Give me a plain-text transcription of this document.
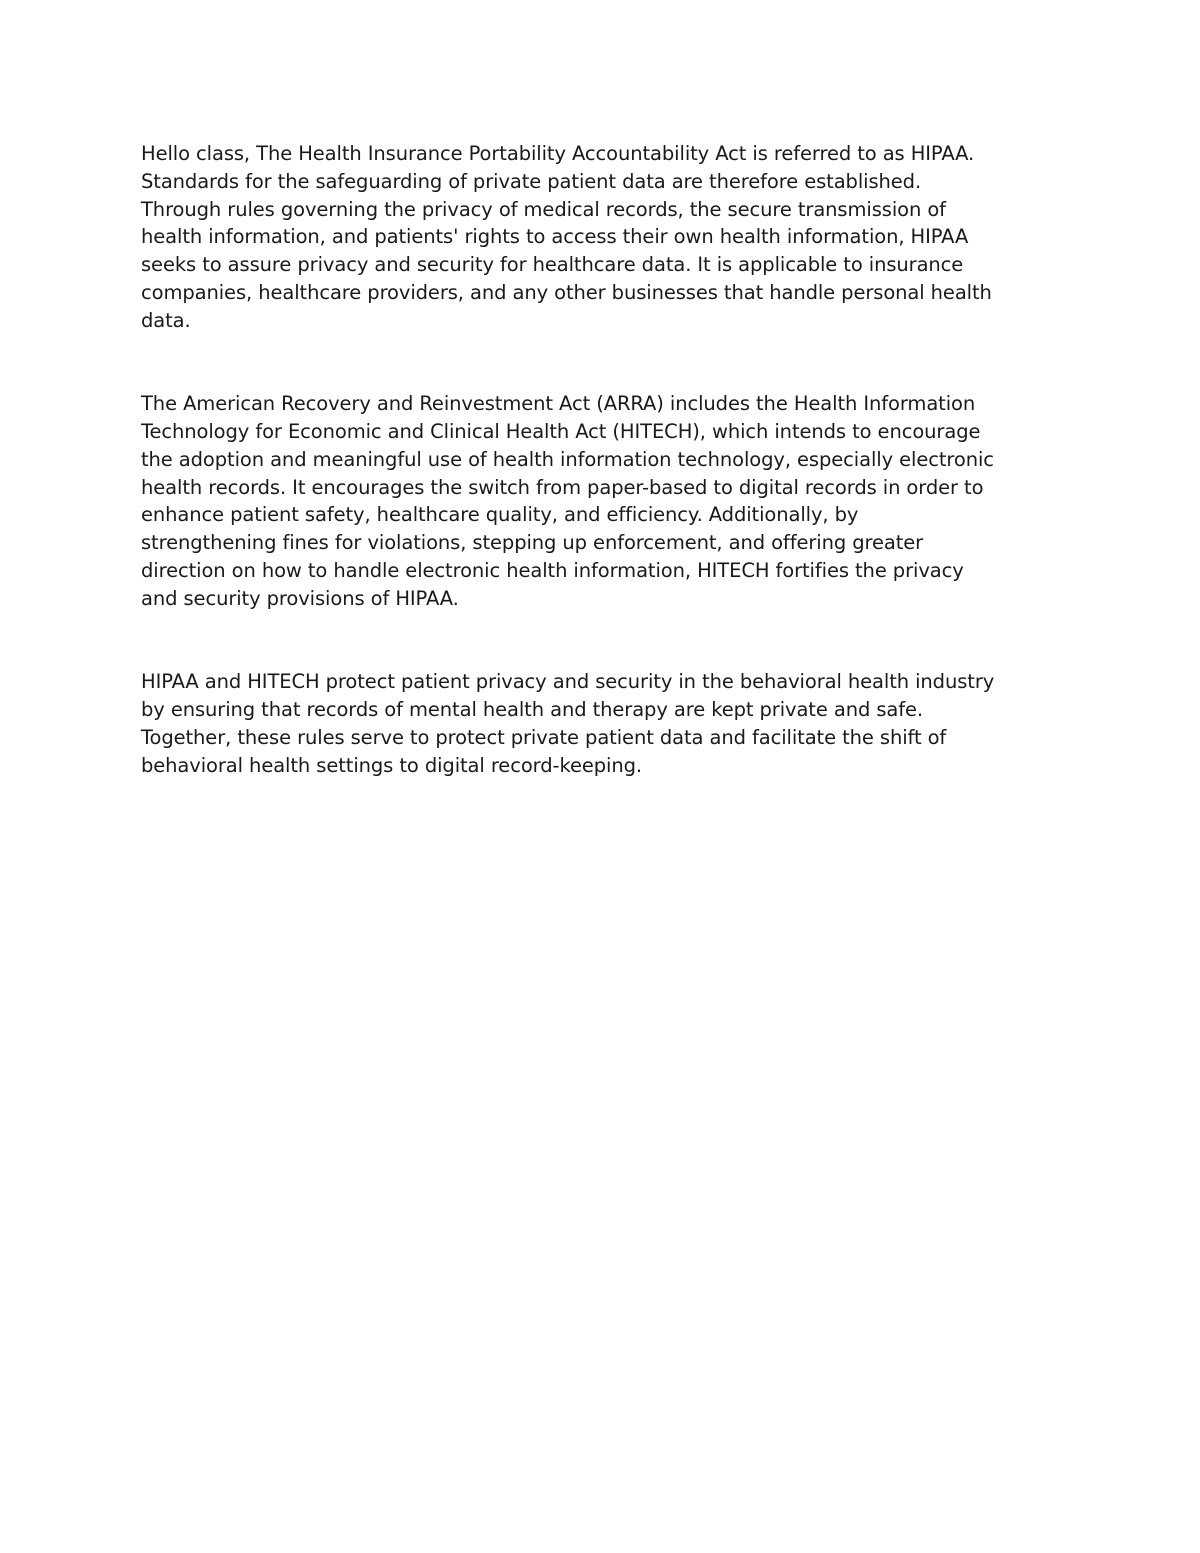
Hello class, The Health Insurance Portability Accountability Act is referred to as HIPAA.
Standards for the safeguarding of private patient data are therefore established.
Through rules governing the privacy of medical records, the secure transmission of
health information, and patients' rights to access their own health information, HIPAA
seeks to assure privacy and security for healthcare data. It is applicable to insurance
companies, healthcare providers, and any other businesses that handle personal health
data.

The American Recovery and Reinvestment Act (ARRA) includes the Health Information
Technology for Economic and Clinical Health Act (HITECH), which intends to encourage
the adoption and meaningful use of health information technology, especially electronic
health records. It encourages the switch from paper-based to digital records in order to
enhance patient safety, healthcare quality, and efficiency. Additionally, by
strengthening fines for violations, stepping up enforcement, and offering greater
direction on how to handle electronic health information, HITECH fortifies the privacy
and security provisions of HIPAA.

HIPAA and HITECH protect patient privacy and security in the behavioral health industry
by ensuring that records of mental health and therapy are kept private and safe.
Together, these rules serve to protect private patient data and facilitate the shift of
behavioral health settings to digital record-keeping.
